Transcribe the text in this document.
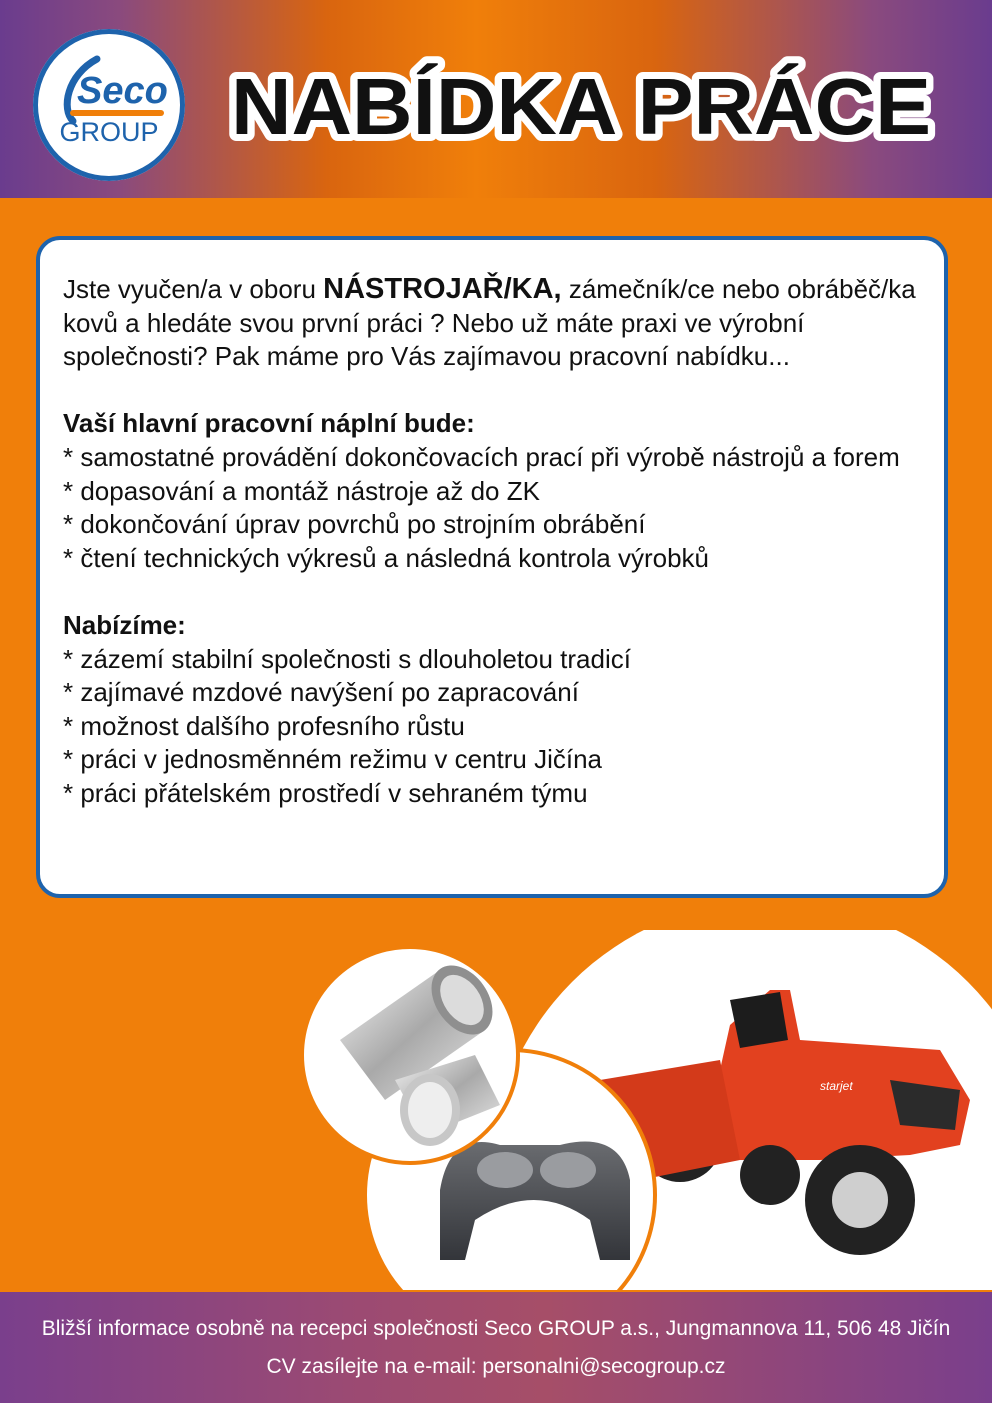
Seco
GROUP NABÍDKA PRÁCE

Jste vyučen/a v oboru NÁSTROJAŘ/KA, zámečník/ce nebo obráběč/ka kovů a hledáte svou první práci ? Nebo už máte praxi ve výrobní společnosti? Pak máme pro Vás zajímavou pracovní nabídku...

Vaší hlavní pracovní náplní bude:

* samostatné provádění dokončovacích prací při výrobě nástrojů a forem

* dopasování a montáž nástroje až do ZK

* dokončování úprav povrchů po strojním obrábění

* čtení technických výkresů a následná kontrola výrobků

Nabízíme:

* zázemí stabilní společnosti s dlouholetou tradicí

* zajímavé mzdové navýšení po zapracování

* možnost dalšího profesního růstu

* práci v jednosměnném režimu v centru Jičína

* práci přátelském prostředí v sehraném týmu

starjet
Bližší informace osobně na recepci společnosti Seco GROUP a.s., Jungmannova 11, 506 48 Jičín
CV zasílejte na e-mail: personalni@secogroup.cz
